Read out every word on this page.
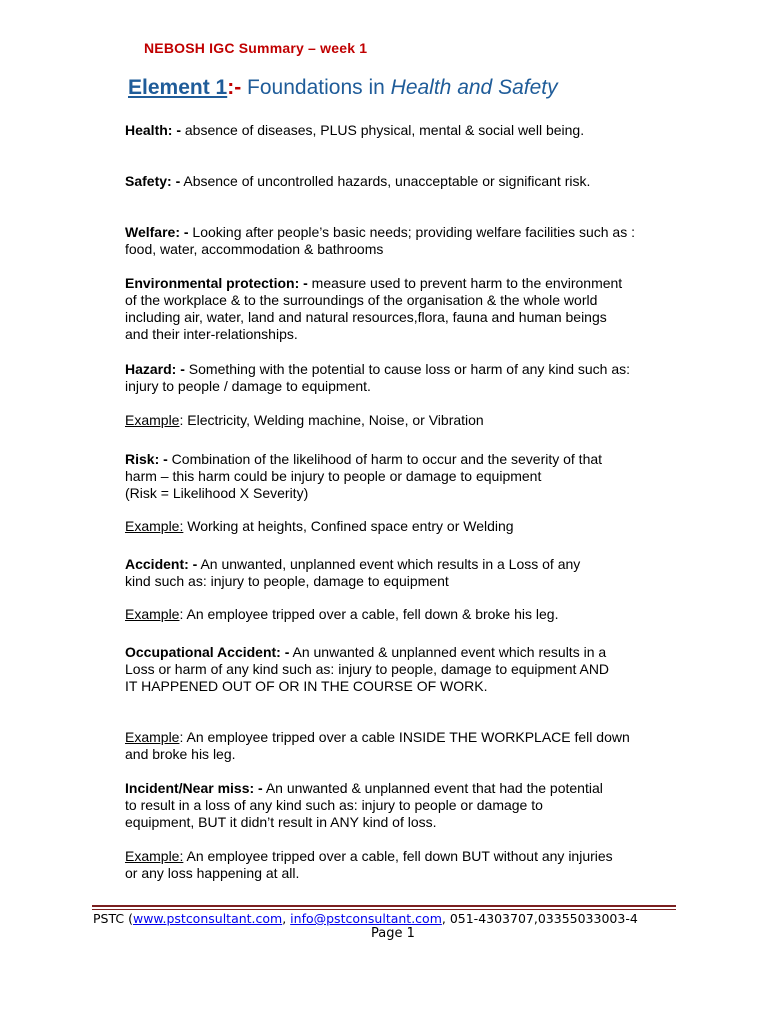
NEBOSH IGC Summary – week 1
Element 1:- Foundations in Health and Safety

Health: - absence of diseases, PLUS physical, mental & social well being.

Safety: - Absence of uncontrolled hazards, unacceptable or significant risk.

Welfare: - Looking after people’s basic needs; providing welfare facilities such as : food, water, accommodation & bathrooms

Environmental protection: - measure used to prevent harm to the environment of the workplace & to the surroundings of the organisation & the whole world including air, water, land and natural resources,flora, fauna and human beings and their inter-relationships.

Hazard: - Something with the potential to cause loss or harm of any kind such as: injury to people / damage to equipment.

Example: Electricity, Welding machine, Noise, or Vibration

Risk: - Combination of the likelihood of harm to occur and the severity of that harm – this harm could be injury to people or damage to equipment
(Risk = Likelihood X Severity)

Example: Working at heights, Confined space entry or Welding

Accident: - An unwanted, unplanned event which results in a Loss of any kind such as: injury to people, damage to equipment

Example: An employee tripped over a cable, fell down & broke his leg.

Occupational Accident: - An unwanted & unplanned event which results in a Loss or harm of any kind such as: injury to people, damage to equipment AND IT HAPPENED OUT OF OR IN THE COURSE OF WORK.

Example: An employee tripped over a cable INSIDE THE WORKPLACE fell down and broke his leg.

Incident/Near miss: - An unwanted & unplanned event that had the potential to result in a loss of any kind such as: injury to people or damage to equipment, BUT it didn’t result in ANY kind of loss.

Example: An employee tripped over a cable, fell down BUT without any injuries or any loss happening at all.

PSTC (www.pstconsultant.com, info@pstconsultant.com, 051-4303707,03355033003-4
Page 1
